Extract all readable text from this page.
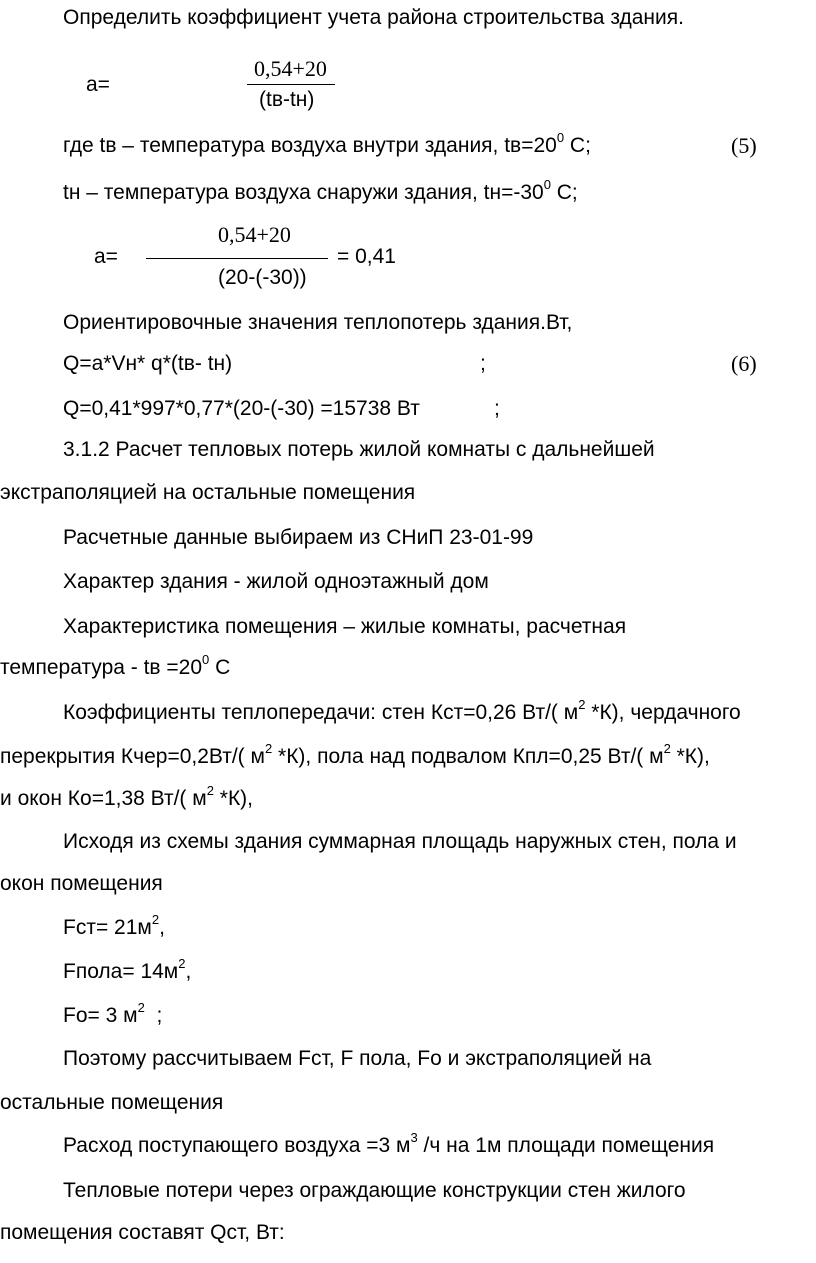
Определить коэффициент учета района строительства здания.
a=
0,54+20
(tв-tн)
где tв – температура воздуха внутри здания, $tв=20^0$ С;	(5)
tн – температура воздуха снаружи здания, $tн=-30^0$ С;
0,54+20
a=	= 0,41
(20-(-30))
Ориентировочные значения теплопотерь здания.Вт,
Q=a*Vн* q*(tв- tн)	;	(6)
Q=0,41*997*0,77*(20-(-30) =15738 Вт	;
3.1.2 Расчет тепловых потерь жилой комнаты с дальнейшей
экстраполяцией на остальные помещения
Расчетные данные выбираем из СНиП 23-01-99
Характер здания - жилой одноэтажный дом
Характеристика помещения – жилые комнаты, расчетная
температура - tв $=20^0$ С
Коэффициенты теплопередачи: стен Кст=0,26 Вт/( $м^2$ *К), чердачного
перекрытия Кчер=0,2Вт/( $м^2$ *К), пола над подвалом Кпл=0,25 Вт/( $м^2$ *К),
и окон Ко=1,38 Вт/( $м^2$ *К),
Исходя из схемы здания суммарная площадь наружных стен, пола и
окон помещения
$Fст= 21м^2$,
Fпола= $14м^2$,
Fо= 3 $м^2$  ;
Поэтому рассчитываем Fст, F пола, Fо и экстраполяцией на
остальные помещения
Расход поступающего воздуха =3 $м^3$ /ч на 1м площади помещения
Тепловые потери через ограждающие конструкции стен жилого
помещения составят Qст, Вт:
